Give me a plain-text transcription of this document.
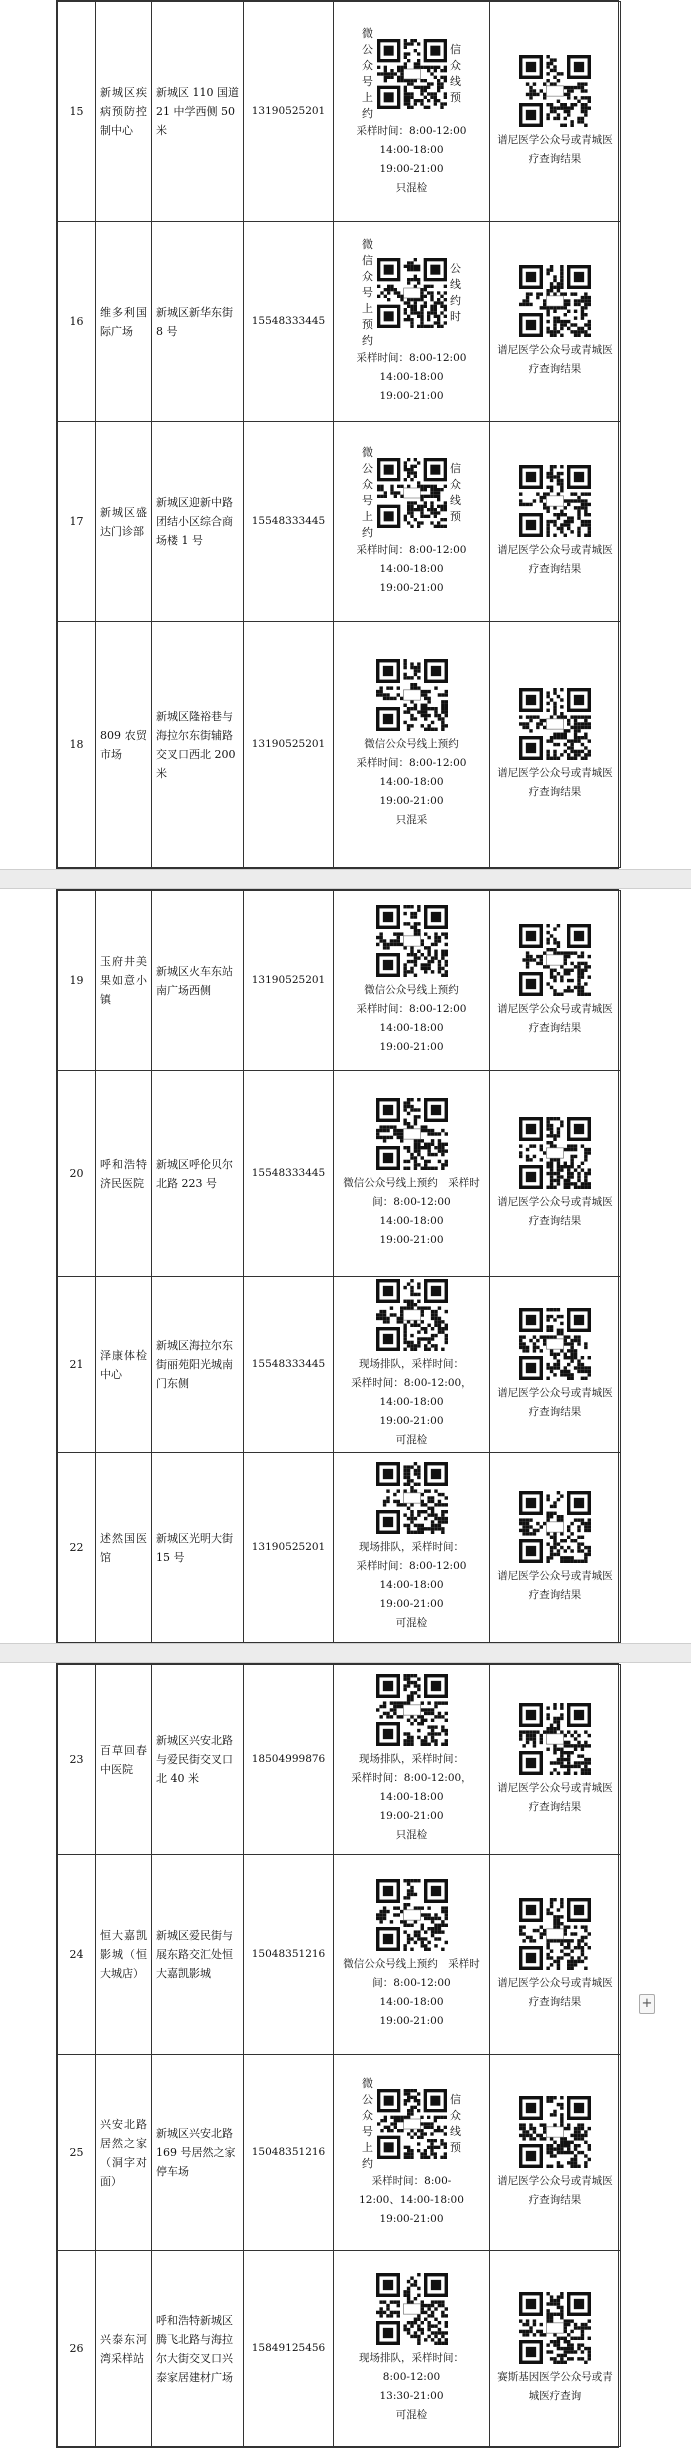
15	新城区疾病预防控制中心	新城区 110 国道 21 中学西侧 50 米	13190525201	微公众号上约
信众线预
采样时间：8:00-12:00 14:00-18:00
19:00-21:00
只混检	谱尼医学公众号或青城医疗查询结果

16	维多利国际广场	新城区新华东街 8 号	15548333445	微信众号上预约
公线约时
采样时间：8:00-12:00
14:00-18:00
19:00-21:00	谱尼医学公众号或青城医疗查询结果

17	新城区盛达门诊部	新城区迎新中路团结小区综合商场楼 1 号	15548333445	微公众号上约
信众线预
采样时间：8:00-12:00
14:00-18:00
19:00-21:00	谱尼医学公众号或青城医疗查询结果

18	809 农贸市场	新城区隆裕巷与海拉尔东街辅路交叉口西北 200 米	13190525201	微信公众号线上预约
采样时间：8:00-12:00
14:00-18:00
19:00-21:00
只混采	谱尼医学公众号或青城医疗查询结果
19	玉府井美果如意小镇	新城区火车东站南广场西侧	13190525201	微信公众号线上预约
采样时间：8:00-12:00
14:00-18:00
19:00-21:00	谱尼医学公众号或青城医疗查询结果

20	呼和浩特济民医院	新城区呼伦贝尔北路 223 号	15548333445	微信公众号线上预约　采样时间：8:00-12:00
14:00-18:00
19:00-21:00	谱尼医学公众号或青城医疗查询结果

21	泽康体检中心	新城区海拉尔东街丽苑阳光城南门东侧	15548333445	现场排队，采样时间：
采样时间：8:00-12:00，
14:00-18:00
19:00-21:00
可混检	谱尼医学公众号或青城医疗查询结果

22	述然国医馆	新城区光明大街 15 号	13190525201	现场排队，采样时间：
采样时间：8:00-12:00
14:00-18:00
19:00-21:00
可混检	谱尼医学公众号或青城医疗查询结果
23	百草回春中医院	新城区兴安北路与爱民街交叉口北 40 米	18504999876	现场排队，采样时间：
采样时间：8:00-12:00，
14:00-18:00
19:00-21:00
只混检	谱尼医学公众号或青城医疗查询结果

24	恒大嘉凯影城（恒大城店）	新城区爱民街与展东路交汇处恒大嘉凯影城	15048351216	微信公众号线上预约　采样时间：8:00-12:00
14:00-18:00
19:00-21:00	谱尼医学公众号或青城医疗查询结果

25	兴安北路居然之家（洞字对面）	新城区兴安北路 169 号居然之家停车场	15048351216	微公众号上约
信众线预
采样时间：8:00-
12:00、14:00-18:00
19:00-21:00	谱尼医学公众号或青城医疗查询结果

26	兴泰东河湾采样站	呼和浩特新城区腾飞北路与海拉尔大街交叉口兴泰家居建材广场	15849125456	现场排队，采样时间：
8:00-12:00
13:30-21:00
可混检	赛斯基因医学公众号或青城医疗查询
+
